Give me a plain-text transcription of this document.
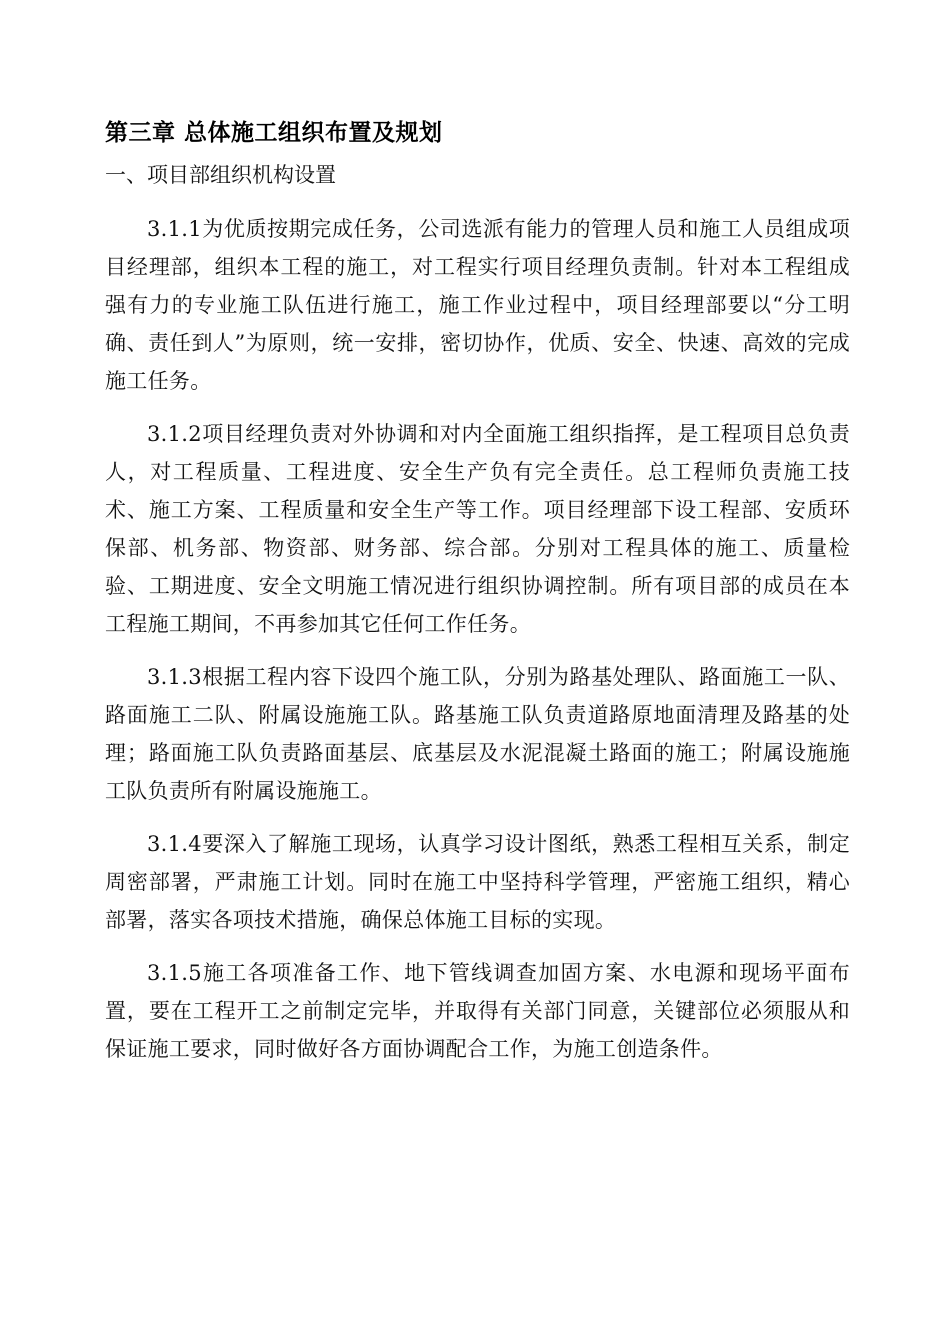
第三章 总体施工组织布置及规划
一、项目部组织机构设置

3.1.1为优质按期完成任务，公司选派有能力的管理人员和施工人员组成项目经理部，组织本工程的施工，对工程实行项目经理负责制。针对本工程组成强有力的专业施工队伍进行施工，施工作业过程中，项目经理部要以“分工明确、责任到人”为原则，统一安排，密切协作，优质、安全、快速、高效的完成施工任务。

3.1.2项目经理负责对外协调和对内全面施工组织指挥，是工程项目总负责人，对工程质量、工程进度、安全生产负有完全责任。总工程师负责施工技术、施工方案、工程质量和安全生产等工作。项目经理部下设工程部、安质环保部、机务部、物资部、财务部、综合部。分别对工程具体的施工、质量检验、工期进度、安全文明施工情况进行组织协调控制。所有项目部的成员在本工程施工期间，不再参加其它任何工作任务。

3.1.3根据工程内容下设四个施工队，分别为路基处理队、路面施工一队、路面施工二队、附属设施施工队。路基施工队负责道路原地面清理及路基的处理；路面施工队负责路面基层、底基层及水泥混凝土路面的施工；附属设施施工队负责所有附属设施施工。

3.1.4要深入了解施工现场，认真学习设计图纸，熟悉工程相互关系，制定周密部署，严肃施工计划。同时在施工中坚持科学管理，严密施工组织，精心部署，落实各项技术措施，确保总体施工目标的实现。

3.1.5施工各项准备工作、地下管线调查加固方案、水电源和现场平面布置，要在工程开工之前制定完毕，并取得有关部门同意，关键部位必须服从和保证施工要求，同时做好各方面协调配合工作，为施工创造条件。
